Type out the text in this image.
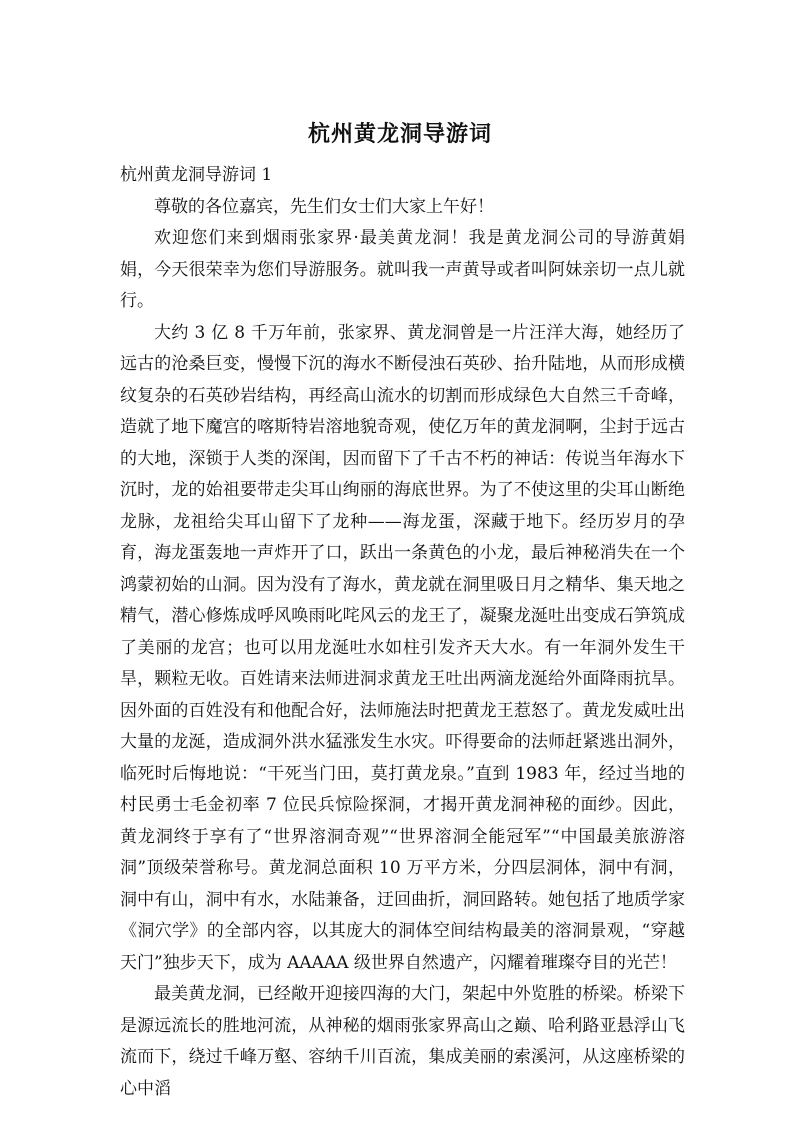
杭州黄龙洞导游词

杭州黄龙洞导游词 1

尊敬的各位嘉宾，先生们女士们大家上午好！

欢迎您们来到烟雨张家界·最美黄龙洞！我是黄龙洞公司的导游黄娟娟，今天很荣幸为您们导游服务。就叫我一声黄导或者叫阿妹亲切一点儿就行。

大约 3 亿 8 千万年前，张家界、黄龙洞曾是一片汪洋大海，她经历了远古的沧桑巨变，慢慢下沉的海水不断侵浊石英砂、抬升陆地，从而形成横纹复杂的石英砂岩结构，再经高山流水的切割而形成绿色大自然三千奇峰，造就了地下魔宫的喀斯特岩溶地貌奇观，使亿万年的黄龙洞啊，尘封于远古的大地，深锁于人类的深闺，因而留下了千古不朽的神话：传说当年海水下沉时，龙的始祖要带走尖耳山绚丽的海底世界。为了不使这里的尖耳山断绝龙脉，龙祖给尖耳山留下了龙种——海龙蛋，深藏于地下。经历岁月的孕育，海龙蛋轰地一声炸开了口，跃出一条黄色的小龙，最后神秘消失在一个鸿蒙初始的山洞。因为没有了海水，黄龙就在洞里吸日月之精华、集天地之精气，潜心修炼成呼风唤雨叱咤风云的龙王了，凝聚龙涎吐出变成石笋筑成了美丽的龙宫；也可以用龙涎吐水如柱引发齐天大水。有一年洞外发生干旱，颗粒无收。百姓请来法师进洞求黄龙王吐出两滴龙涎给外面降雨抗旱。因外面的百姓没有和他配合好，法师施法时把黄龙王惹怒了。黄龙发威吐出大量的龙涎，造成洞外洪水猛涨发生水灾。吓得要命的法师赶紧逃出洞外，临死时后悔地说：“干死当门田，莫打黄龙泉。”直到 1983 年，经过当地的村民勇士毛金初率 7 位民兵惊险探洞，才揭开黄龙洞神秘的面纱。因此，黄龙洞终于享有了“世界溶洞奇观”“世界溶洞全能冠军”“中国最美旅游溶洞”顶级荣誉称号。黄龙洞总面积 10 万平方米，分四层洞体，洞中有洞，洞中有山，洞中有水，水陆兼备，迂回曲折，洞回路转。她包括了地质学家《洞穴学》的全部内容，以其庞大的洞体空间结构最美的溶洞景观，“穿越天门”独步天下，成为 AAAAA 级世界自然遗产，闪耀着璀璨夺目的光芒！

最美黄龙洞，已经敞开迎接四海的大门，架起中外览胜的桥梁。桥梁下是源远流长的胜地河流，从神秘的烟雨张家界高山之巅、哈利路亚悬浮山飞流而下，绕过千峰万壑、容纳千川百流，集成美丽的索溪河，从这座桥梁的心中滔
